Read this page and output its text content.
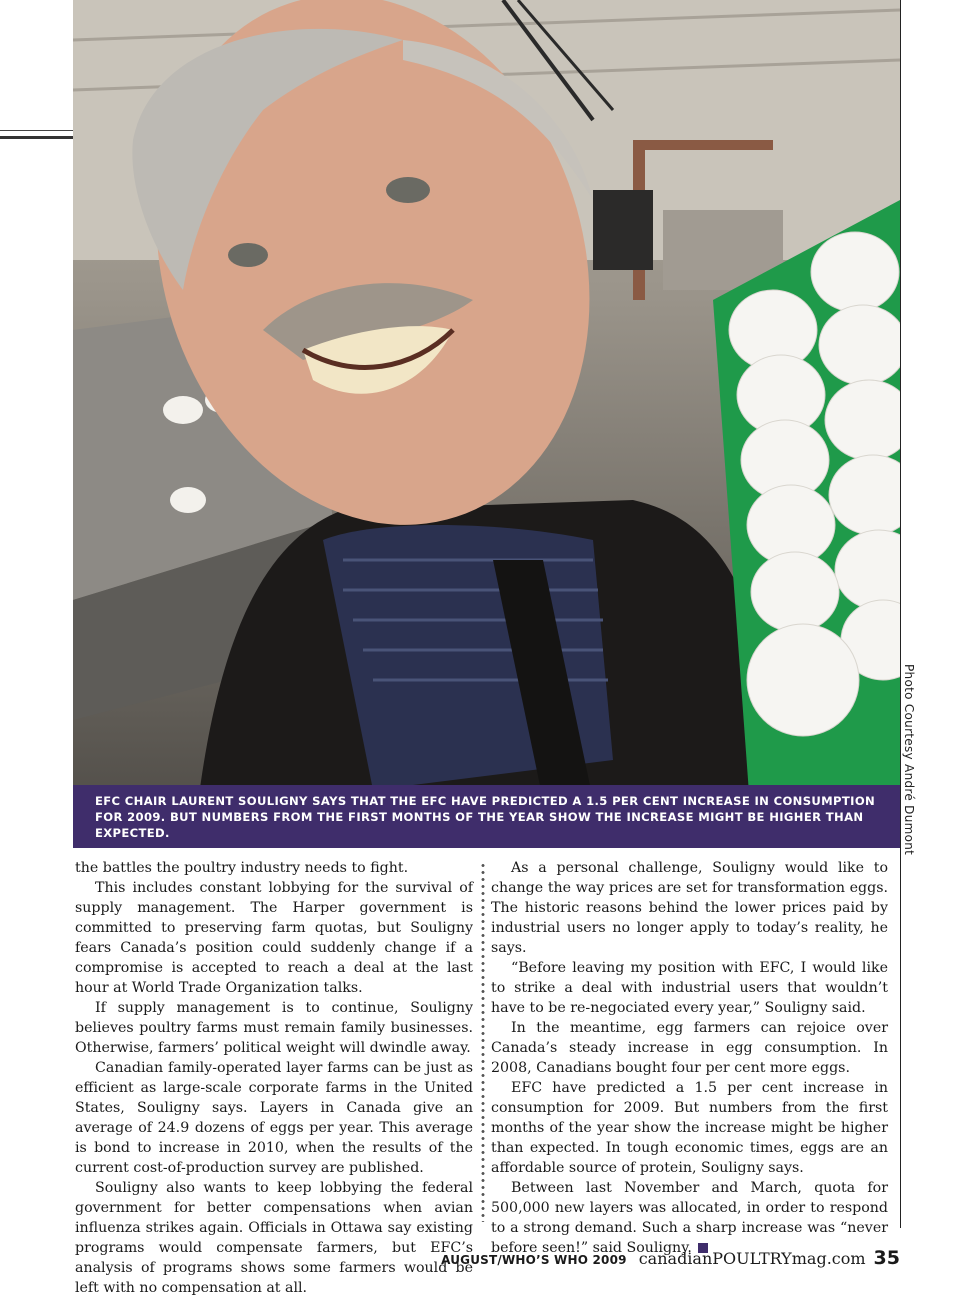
EFC CHAIR LAURENT SOULIGNY SAYS THAT THE EFC HAVE PREDICTED A 1.5 PER CENT INCREASE IN CONSUMPTION FOR 2009. BUT NUMBERS FROM THE FIRST MONTHS OF THE YEAR SHOW THE INCREASE MIGHT BE HIGHER THAN EXPECTED.	Photo Courtesy André Dumont

the battles the poultry industry needs to fight.

This includes constant lobbying for the survival of supply management. The Harper government is committed to preserving farm quotas, but Souligny fears Canada’s position could suddenly change if a compromise is accepted to reach a deal at the last hour at World Trade Organization talks.

If supply management is to continue, Souligny believes poultry farms must remain family businesses. Otherwise, farmers’ political weight will dwindle away.

Canadian family-operated layer farms can be just as efficient as large-scale corporate farms in the United States, Souligny says. Layers in Canada give an average of 24.9 dozens of eggs per year. This average is bond to increase in 2010, when the results of the current cost-of-production survey are published.

Souligny also wants to keep lobbying the federal government for better compensations when avian influenza strikes again. Officials in Ottawa say existing programs would compensate farmers, but EFC’s analysis of programs shows some farmers would be left with no compensation at all.

As a personal challenge, Souligny would like to change the way prices are set for transformation eggs. The historic reasons behind the lower prices paid by industrial users no longer apply to today’s reality, he says.

“Before leaving my position with EFC, I would like to strike a deal with industrial users that wouldn’t have to be re-negociated every year,” Souligny said.

In the meantime, egg farmers can rejoice over Canada’s steady increase in egg consumption. In 2008, Canadians bought four per cent more eggs.

EFC have predicted a 1.5 per cent increase in consumption for 2009. But numbers from the first months of the year show the increase might be higher than expected. In tough economic times, eggs are an affordable source of protein, Souligny says.

Between last November and March, quota for 500,000 new layers was allocated, in order to respond to a strong demand. Such a sharp increase was “never before seen!” said Souligny.

AUGUST/WHO’S WHO 2009 canadianPOULTRYmag.com 35
